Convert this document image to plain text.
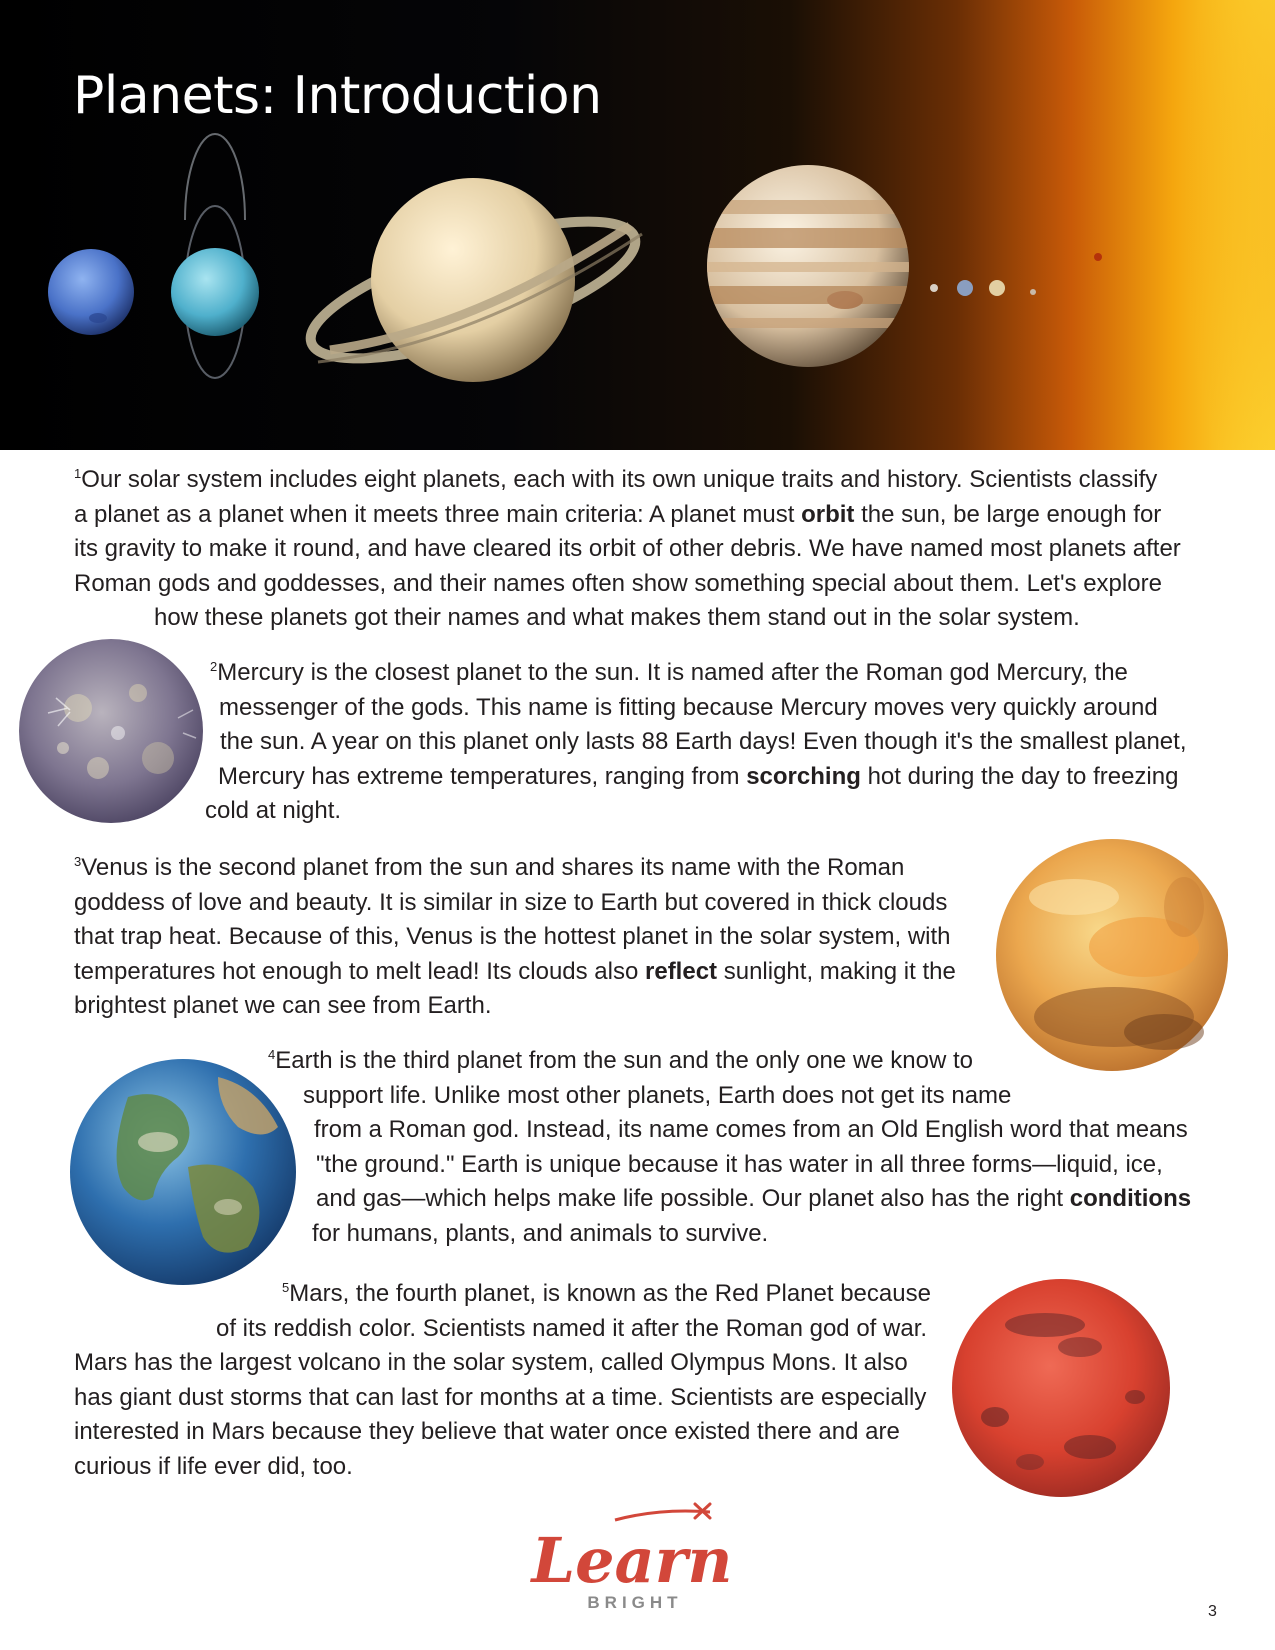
Planets: Introduction
$^1$Our solar system includes eight planets, each with its own unique traits and history. Scientists classify
a planet as a planet when it meets three main criteria: A planet must orbit the sun, be large enough for
its gravity to make it round, and have cleared its orbit of other debris. We have named most planets after
Roman gods and goddesses, and their names often show something special about them. Let's explore
how these planets got their names and what makes them stand out in the solar system.
$^2$Mercury is the closest planet to the sun. It is named after the Roman god Mercury, the
messenger of the gods. This name is fitting because Mercury moves very quickly around
the sun. A year on this planet only lasts 88 Earth days! Even though it's the smallest planet,
Mercury has extreme temperatures, ranging from scorching hot during the day to freezing
cold at night.
$^3$Venus is the second planet from the sun and shares its name with the Roman
goddess of love and beauty. It is similar in size to Earth but covered in thick clouds
that trap heat. Because of this, Venus is the hottest planet in the solar system, with
temperatures hot enough to melt lead! Its clouds also reflect sunlight, making it the
brightest planet we can see from Earth.
$^4$Earth is the third planet from the sun and the only one we know to
support life. Unlike most other planets, Earth does not get its name
from a Roman god. Instead, its name comes from an Old English word that means
"the ground." Earth is unique because it has water in all three forms—liquid, ice,
and gas—which helps make life possible. Our planet also has the right conditions
for humans, plants, and animals to survive.
$^5$Mars, the fourth planet, is known as the Red Planet because
of its reddish color. Scientists named it after the Roman god of war.
Mars has the largest volcano in the solar system, called Olympus Mons. It also
has giant dust storms that can last for months at a time. Scientists are especially
interested in Mars because they believe that water once existed there and are
curious if life ever did, too.
Learn
BRIGHT	3
